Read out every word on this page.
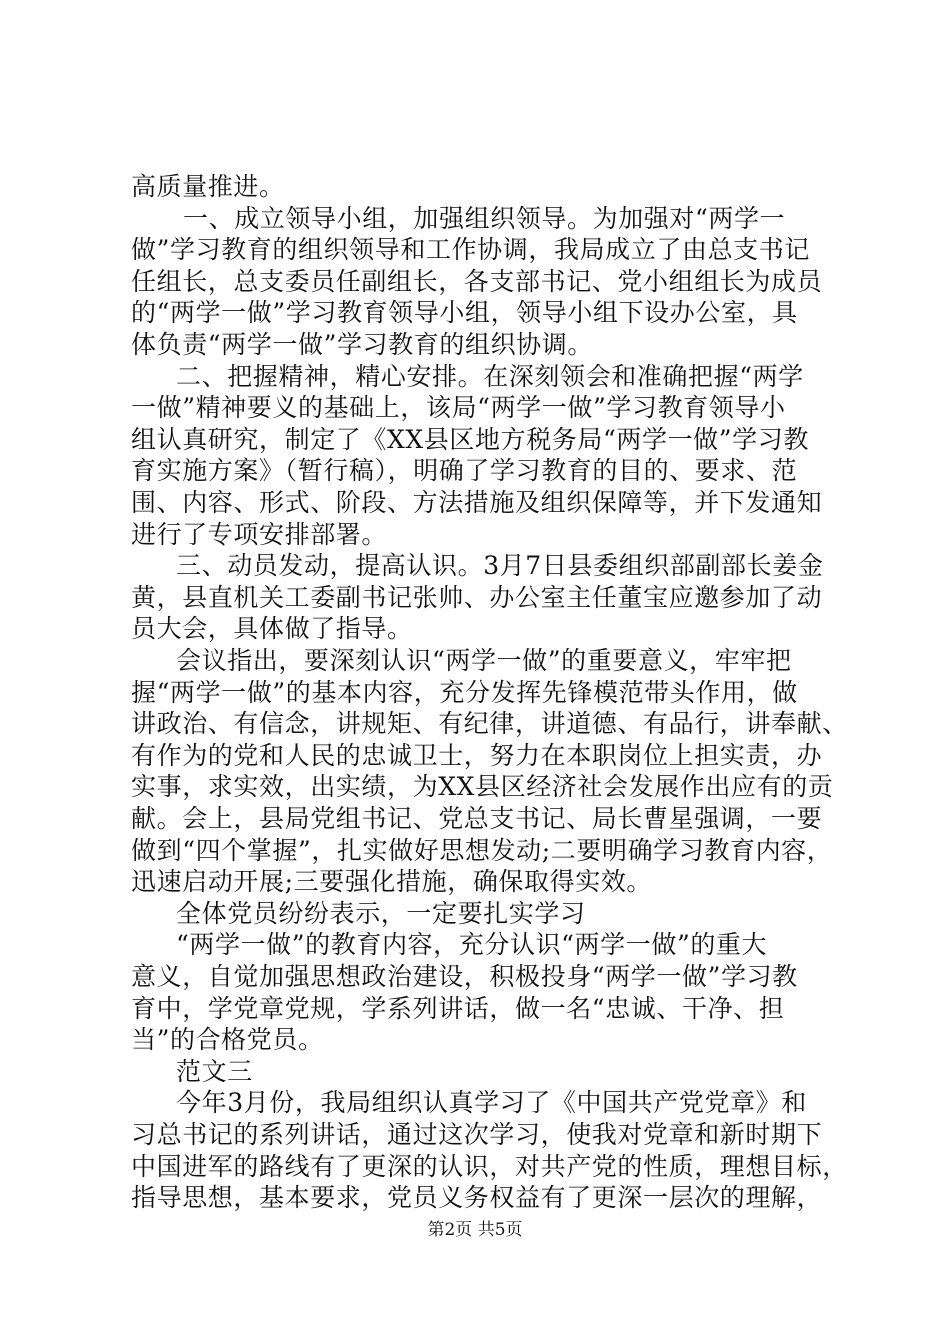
高质量推进。
一、成立领导小组，加强组织领导。为加强对“两学一
做”学习教育的组织领导和工作协调，我局成立了由总支书记
任组长，总支委员任副组长，各支部书记、党小组组长为成员
的“两学一做”学习教育领导小组，领导小组下设办公室，具
体负责“两学一做”学习教育的组织协调。
二、把握精神，精心安排。在深刻领会和准确把握“两学
一做”精神要义的基础上，该局“两学一做”学习教育领导小
组认真研究，制定了《XX县区地方税务局“两学一做”学习教
育实施方案》（暂行稿），明确了学习教育的目的、要求、范
围、内容、形式、阶段、方法措施及组织保障等，并下发通知
进行了专项安排部署。
三、动员发动，提高认识。3月7日县委组织部副部长姜金
黄，县直机关工委副书记张帅、办公室主任董宝应邀参加了动
员大会，具体做了指导。
会议指出，要深刻认识“两学一做”的重要意义，牢牢把
握“两学一做”的基本内容，充分发挥先锋模范带头作用，做
讲政治、有信念，讲规矩、有纪律，讲道德、有品行，讲奉献、
有作为的党和人民的忠诚卫士，努力在本职岗位上担实责，办
实事，求实效，出实绩，为XX县区经济社会发展作出应有的贡
献。会上，县局党组书记、党总支书记、局长曹星强调，一要
做到“四个掌握”，扎实做好思想发动;二要明确学习教育内容，
迅速启动开展;三要强化措施，确保取得实效。
全体党员纷纷表示，一定要扎实学习
“两学一做”的教育内容，充分认识“两学一做”的重大
意义，自觉加强思想政治建设，积极投身“两学一做”学习教
育中，学党章党规，学系列讲话，做一名“忠诚、干净、担
当”的合格党员。
范文三
今年3月份，我局组织认真学习了《中国共产党党章》和
习总书记的系列讲话，通过这次学习，使我对党章和新时期下
中国进军的路线有了更深的认识，对共产党的性质，理想目标，
指导思想，基本要求，党员义务权益有了更深一层次的理解，
第2页 共5页
